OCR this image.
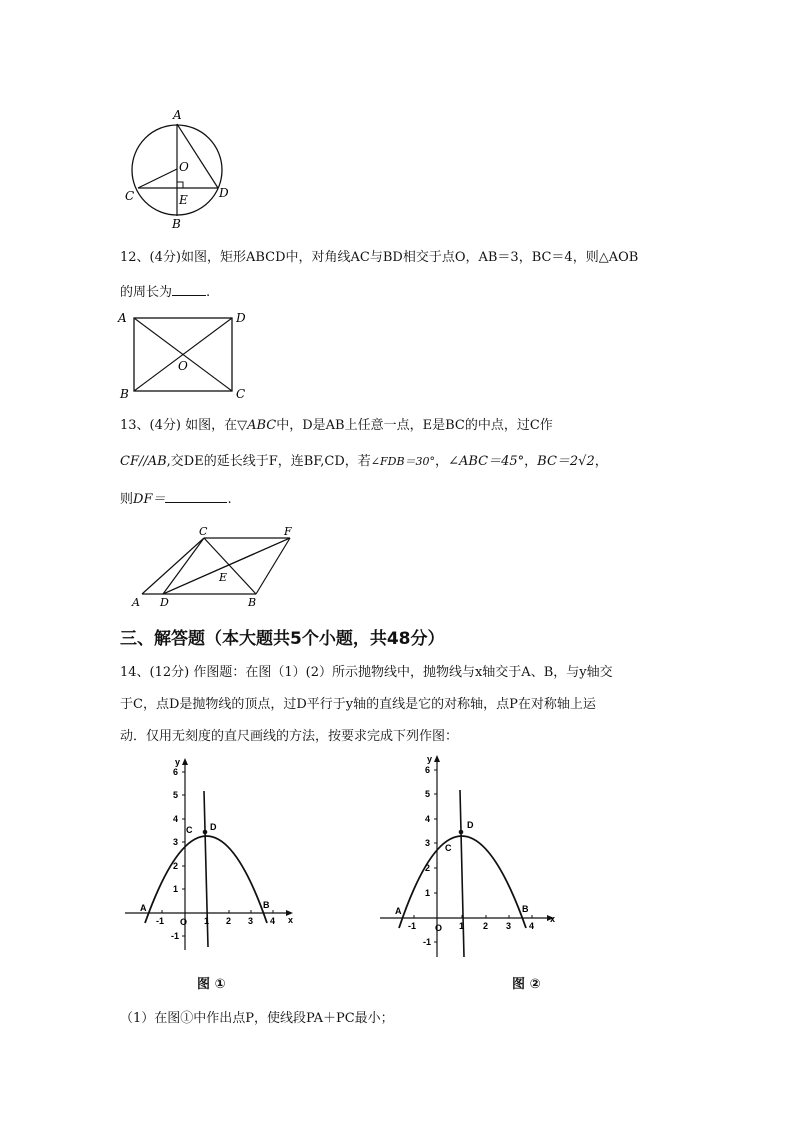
A
O
C	E	D
B
12、(4分)如图，矩形ABCD中，对角线AC与BD相交于点O，AB＝3，BC＝4，则△AOB
的周长为	.
A	D
O
B	C
13、(4分) 如图，在▽ABC中，D是AB上任意一点，E是BC的中点，过C作
CF//AB,交DE的延长线于F，连BF,CD，若∠FDB＝30°，∠ABC＝45°，BC＝2√2，
则DF＝	.
C	F
E
A D	B
三、解答题（本大题共5个小题，共48分）
14、(12分) 作图题：在图（1）(2）所示抛物线中，抛物线与x轴交于A、B，与y轴交
于C，点D是抛物线的顶点，过D平行于y轴的直线是它的对称轴，点P在对称轴上运
动．仅用无刻度的直尺画线的方法，按要求完成下列作图：
y
x
O
6
5
4
3
2
1
-1
-1	1 2 3 4
A	B
C D
图 ①
y
x
O
6
5
4
3
2
1
-1
-1	1 2 3 4
A	B
C
D
图 ②
（1）在图①中作出点P，使线段PA＋PC最小；
